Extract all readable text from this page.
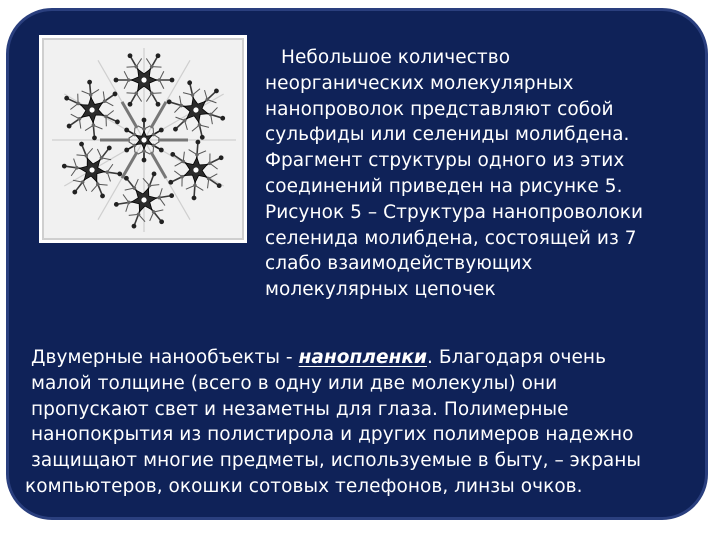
Небольшое количество
неорганических молекулярных
нанопроволок представляют собой
сульфиды или селениды молибдена.
Фрагмент структуры одного из этих
соединений приведен на рисунке 5.
Рисунок 5 – Структура нанопроволоки
селенида молибдена, состоящей из 7
слабо взаимодействующих
молекулярных цепочек
Двумерные нанообъекты - нанопленки. Благодаря очень
малой толщине (всего в одну или две молекулы) они
пропускают свет и незаметны для глаза. Полимерные
нанопокрытия из полистирола и других полимеров надежно
защищают многие предметы, используемые в быту, – экраны
компьютеров, окошки сотовых телефонов, линзы очков.
